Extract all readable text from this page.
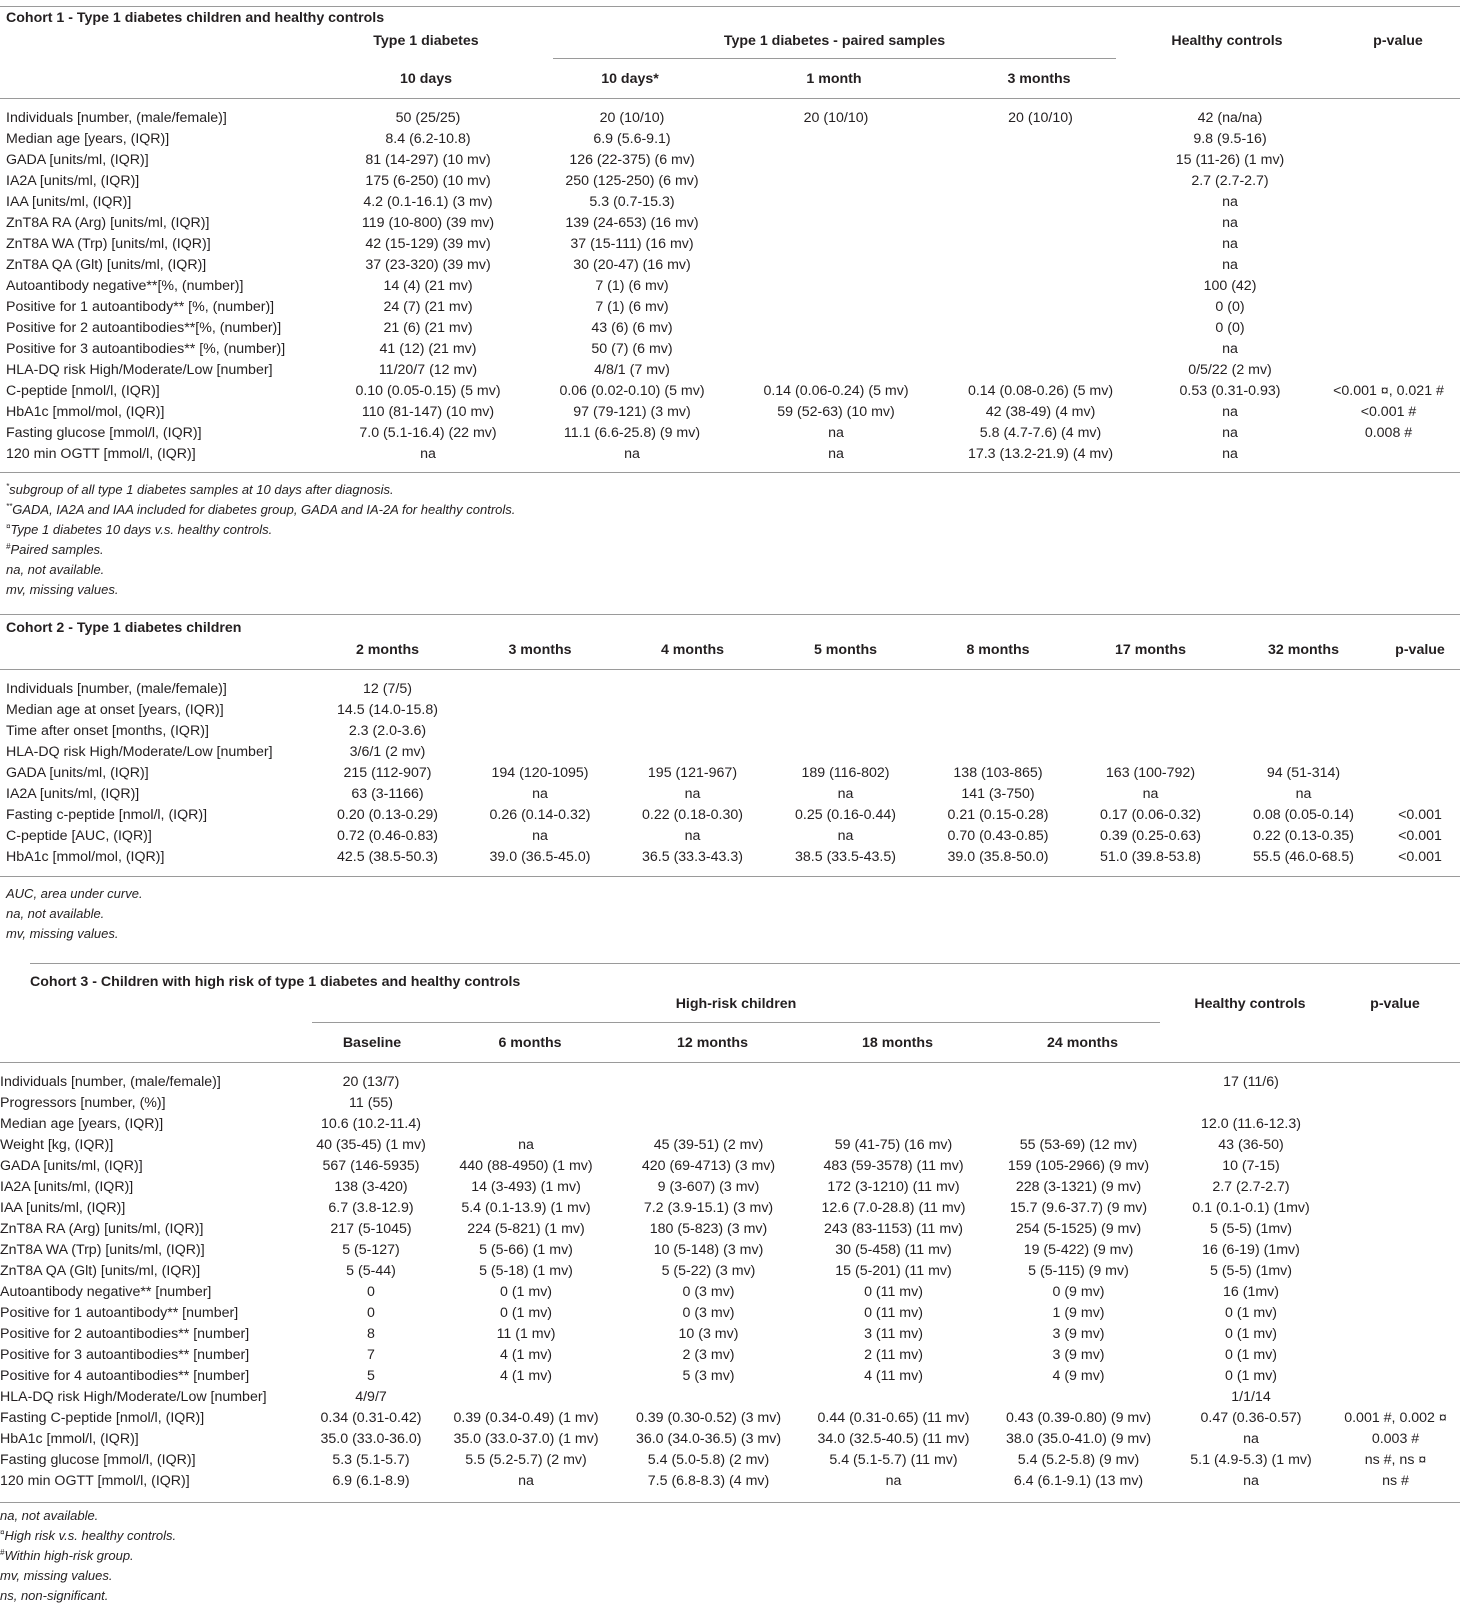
Cohort 1 - Type 1 diabetes children and healthy controls
Type 1 diabetes	Type 1 diabetes - paired samples	Healthy controls	p-value
10 days	10 days*	1 month	3 months
Individuals [number, (male/female)]	50 (25/25)	20 (10/10)	20 (10/10)	20 (10/10)	42 (na/na)	
Median age [years, (IQR)]	8.4 (6.2-10.8)	6.9 (5.6-9.1)			9.8 (9.5-16)	
GADA [units/ml, (IQR)]	81 (14-297) (10 mv)	126 (22-375) (6 mv)			15 (11-26) (1 mv)	
IA2A [units/ml, (IQR)]	175 (6-250) (10 mv)	250 (125-250) (6 mv)			2.7 (2.7-2.7)	
IAA [units/ml, (IQR)]	4.2 (0.1-16.1) (3 mv)	5.3 (0.7-15.3)			na	
ZnT8A RA (Arg) [units/ml, (IQR)]	119 (10-800) (39 mv)	139 (24-653) (16 mv)			na	
ZnT8A WA (Trp) [units/ml, (IQR)]	42 (15-129) (39 mv)	37 (15-111) (16 mv)			na	
ZnT8A QA (Glt) [units/ml, (IQR)]	37 (23-320) (39 mv)	30 (20-47) (16 mv)			na	
Autoantibody negative**[%, (number)]	14 (4) (21 mv)	7 (1) (6 mv)			100 (42)	
Positive for 1 autoantibody** [%, (number)]	24 (7) (21 mv)	7 (1) (6 mv)			0 (0)	
Positive for 2 autoantibodies**[%, (number)]	21 (6) (21 mv)	43 (6) (6 mv)			0 (0)	
Positive for 3 autoantibodies** [%, (number)]	41 (12) (21 mv)	50 (7) (6 mv)			na	
HLA-DQ risk High/Moderate/Low [number]	11/20/7 (12 mv)	4/8/1 (7 mv)			0/5/22 (2 mv)	
C-peptide [nmol/l, (IQR)]	0.10 (0.05-0.15) (5 mv)	0.06 (0.02-0.10) (5 mv)	0.14 (0.06-0.24) (5 mv)	0.14 (0.08-0.26) (5 mv)	0.53 (0.31-0.93)	<0.001 ¤, 0.021 #
HbA1c [mmol/mol, (IQR)]	110 (81-147) (10 mv)	97 (79-121) (3 mv)	59 (52-63) (10 mv)	42 (38-49) (4 mv)	na	<0.001 #
Fasting glucose [mmol/l, (IQR)]	7.0 (5.1-16.4) (22 mv)	11.1 (6.6-25.8) (9 mv)	na	5.8 (4.7-7.6) (4 mv)	na	0.008 #
120 min OGTT [mmol/l, (IQR)]	na	na	na	17.3 (13.2-21.9) (4 mv)	na	
*subgroup of all type 1 diabetes samples at 10 days after diagnosis.
**GADA, IA2A and IAA included for diabetes group, GADA and IA-2A for healthy controls.
¤Type 1 diabetes 10 days v.s. healthy controls.
#Paired samples.
na, not available.
mv, missing values.
Cohort 2 - Type 1 diabetes children
2 months	3 months	4 months	5 months	8 months	17 months	32 months	p-value
Individuals [number, (male/female)]	12 (7/5)							
Median age at onset [years, (IQR)]	14.5 (14.0-15.8)							
Time after onset [months, (IQR)]	2.3 (2.0-3.6)							
HLA-DQ risk High/Moderate/Low [number]	3/6/1 (2 mv)							
GADA [units/ml, (IQR)]	215 (112-907)	194 (120-1095)	195 (121-967)	189 (116-802)	138 (103-865)	163 (100-792)	94 (51-314)	
IA2A [units/ml, (IQR)]	63 (3-1166)	na	na	na	141 (3-750)	na	na	
Fasting c-peptide [nmol/l, (IQR)]	0.20 (0.13-0.29)	0.26 (0.14-0.32)	0.22 (0.18-0.30)	0.25 (0.16-0.44)	0.21 (0.15-0.28)	0.17 (0.06-0.32)	0.08 (0.05-0.14)	<0.001
C-peptide [AUC, (IQR)]	0.72 (0.46-0.83)	na	na	na	0.70 (0.43-0.85)	0.39 (0.25-0.63)	0.22 (0.13-0.35)	<0.001
HbA1c [mmol/mol, (IQR)]	42.5 (38.5-50.3)	39.0 (36.5-45.0)	36.5 (33.3-43.3)	38.5 (33.5-43.5)	39.0 (35.8-50.0)	51.0 (39.8-53.8)	55.5 (46.0-68.5)	<0.001
AUC, area under curve.
na, not available.
mv, missing values.
Cohort 3 - Children with high risk of type 1 diabetes and healthy controls
High-risk children	Healthy controls	p-value
Baseline	6 months	12 months	18 months	24 months
Individuals [number, (male/female)]	20 (13/7)					17 (11/6)	
Progressors [number, (%)]	11 (55)						
Median age [years, (IQR)]	10.6 (10.2-11.4)					12.0 (11.6-12.3)	
Weight [kg, (IQR)]	40 (35-45) (1 mv)	na	45 (39-51) (2 mv)	59 (41-75) (16 mv)	55 (53-69) (12 mv)	43 (36-50)	
GADA [units/ml, (IQR)]	567 (146-5935)	440 (88-4950) (1 mv)	420 (69-4713) (3 mv)	483 (59-3578) (11 mv)	159 (105-2966) (9 mv)	10 (7-15)	
IA2A [units/ml, (IQR)]	138 (3-420)	14 (3-493) (1 mv)	9 (3-607) (3 mv)	172 (3-1210) (11 mv)	228 (3-1321) (9 mv)	2.7 (2.7-2.7)	
IAA [units/ml, (IQR)]	6.7 (3.8-12.9)	5.4 (0.1-13.9) (1 mv)	7.2 (3.9-15.1) (3 mv)	12.6 (7.0-28.8) (11 mv)	15.7 (9.6-37.7) (9 mv)	0.1 (0.1-0.1) (1mv)	
ZnT8A RA (Arg) [units/ml, (IQR)]	217 (5-1045)	224 (5-821) (1 mv)	180 (5-823) (3 mv)	243 (83-1153) (11 mv)	254 (5-1525) (9 mv)	5 (5-5) (1mv)	
ZnT8A WA (Trp) [units/ml, (IQR)]	5 (5-127)	5 (5-66) (1 mv)	10 (5-148) (3 mv)	30 (5-458) (11 mv)	19 (5-422) (9 mv)	16 (6-19) (1mv)	
ZnT8A QA (Glt) [units/ml, (IQR)]	5 (5-44)	5 (5-18) (1 mv)	5 (5-22) (3 mv)	15 (5-201) (11 mv)	5 (5-115) (9 mv)	5 (5-5) (1mv)	
Autoantibody negative** [number]	0	0 (1 mv)	0 (3 mv)	0 (11 mv)	0 (9 mv)	16 (1mv)	
Positive for 1 autoantibody** [number]	0	0 (1 mv)	0 (3 mv)	0 (11 mv)	1 (9 mv)	0 (1 mv)	
Positive for 2 autoantibodies** [number]	8	11 (1 mv)	10 (3 mv)	3 (11 mv)	3 (9 mv)	0 (1 mv)	
Positive for 3 autoantibodies** [number]	7	4 (1 mv)	2 (3 mv)	2 (11 mv)	3 (9 mv)	0 (1 mv)	
Positive for 4 autoantibodies** [number]	5	4 (1 mv)	5 (3 mv)	4 (11 mv)	4 (9 mv)	0 (1 mv)	
HLA-DQ risk High/Moderate/Low [number]	4/9/7					1/1/14	
Fasting C-peptide [nmol/l, (IQR)]	0.34 (0.31-0.42)	0.39 (0.34-0.49) (1 mv)	0.39 (0.30-0.52) (3 mv)	0.44 (0.31-0.65) (11 mv)	0.43 (0.39-0.80) (9 mv)	0.47 (0.36-0.57)	0.001 #, 0.002 ¤
HbA1c [mmol/l, (IQR)]	35.0 (33.0-36.0)	35.0 (33.0-37.0) (1 mv)	36.0 (34.0-36.5) (3 mv)	34.0 (32.5-40.5) (11 mv)	38.0 (35.0-41.0) (9 mv)	na	0.003 #
Fasting glucose [mmol/l, (IQR)]	5.3 (5.1-5.7)	5.5 (5.2-5.7) (2 mv)	5.4 (5.0-5.8) (2 mv)	5.4 (5.1-5.7) (11 mv)	5.4 (5.2-5.8) (9 mv)	5.1 (4.9-5.3) (1 mv)	ns #, ns ¤
120 min OGTT [mmol/l, (IQR)]	6.9 (6.1-8.9)	na	7.5 (6.8-8.3) (4 mv)	na	6.4 (6.1-9.1) (13 mv)	na	ns #
na, not available.
¤High risk v.s. healthy controls.
#Within high-risk group.
mv, missing values.
ns, non-significant.
